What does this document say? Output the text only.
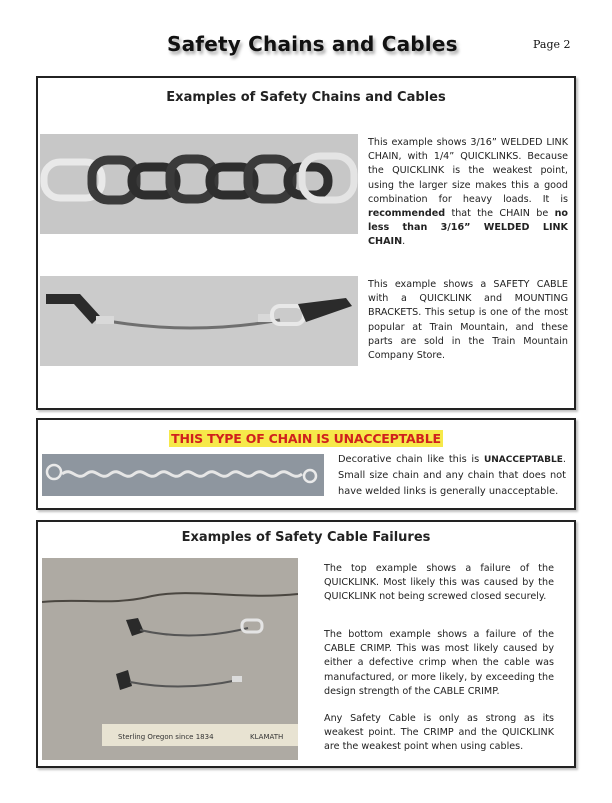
Safety Chains and Cables	Page 2
Examples of Safety Chains and Cables
This example shows 3/16” WELDED LINK CHAIN, with 1/4” QUICKLINKS. Because the QUICKLINK is the weakest point, using the larger size makes this a good combination for heavy loads. It is recommended that the CHAIN be no less than 3/16” WELDED LINK CHAIN.
This example shows a SAFETY CABLE with a QUICKLINK and MOUNTING BRACKETS. This setup is one of the most popular at Train Mountain, and these parts are sold in the Train Mountain Company Store.
THIS TYPE OF CHAIN IS UNACCEPTABLE
Decorative chain like this is UNACCEPTABLE. Small size chain and any chain that does not have welded links is generally unacceptable.
Examples of Safety Cable Failures
Sterling Oregon since 1834	KLAMATH
The top example shows a failure of the QUICKLINK. Most likely this was caused by the QUICKLINK not being screwed closed securely.
The bottom example shows a failure of the CABLE CRIMP. This was most likely caused by either a defective crimp when the cable was manufactured, or more likely, by exceeding the design strength of the CABLE CRIMP.
Any Safety Cable is only as strong as its weakest point. The CRIMP and the QUICKLINK are the weakest point when using cables.
